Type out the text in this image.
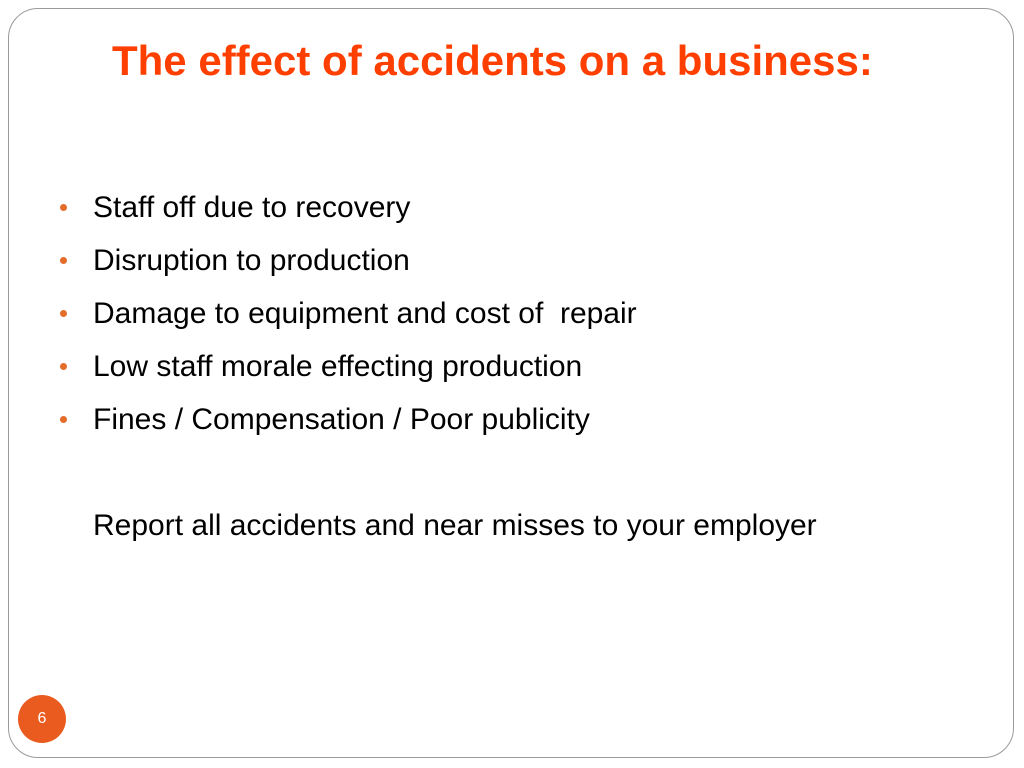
The effect of accidents on a business:
Staff off due to recovery
Disruption to production
Damage to equipment and cost of  repair
Low staff morale effecting production
Fines / Compensation / Poor publicity
Report all accidents and near misses to your employer
6
